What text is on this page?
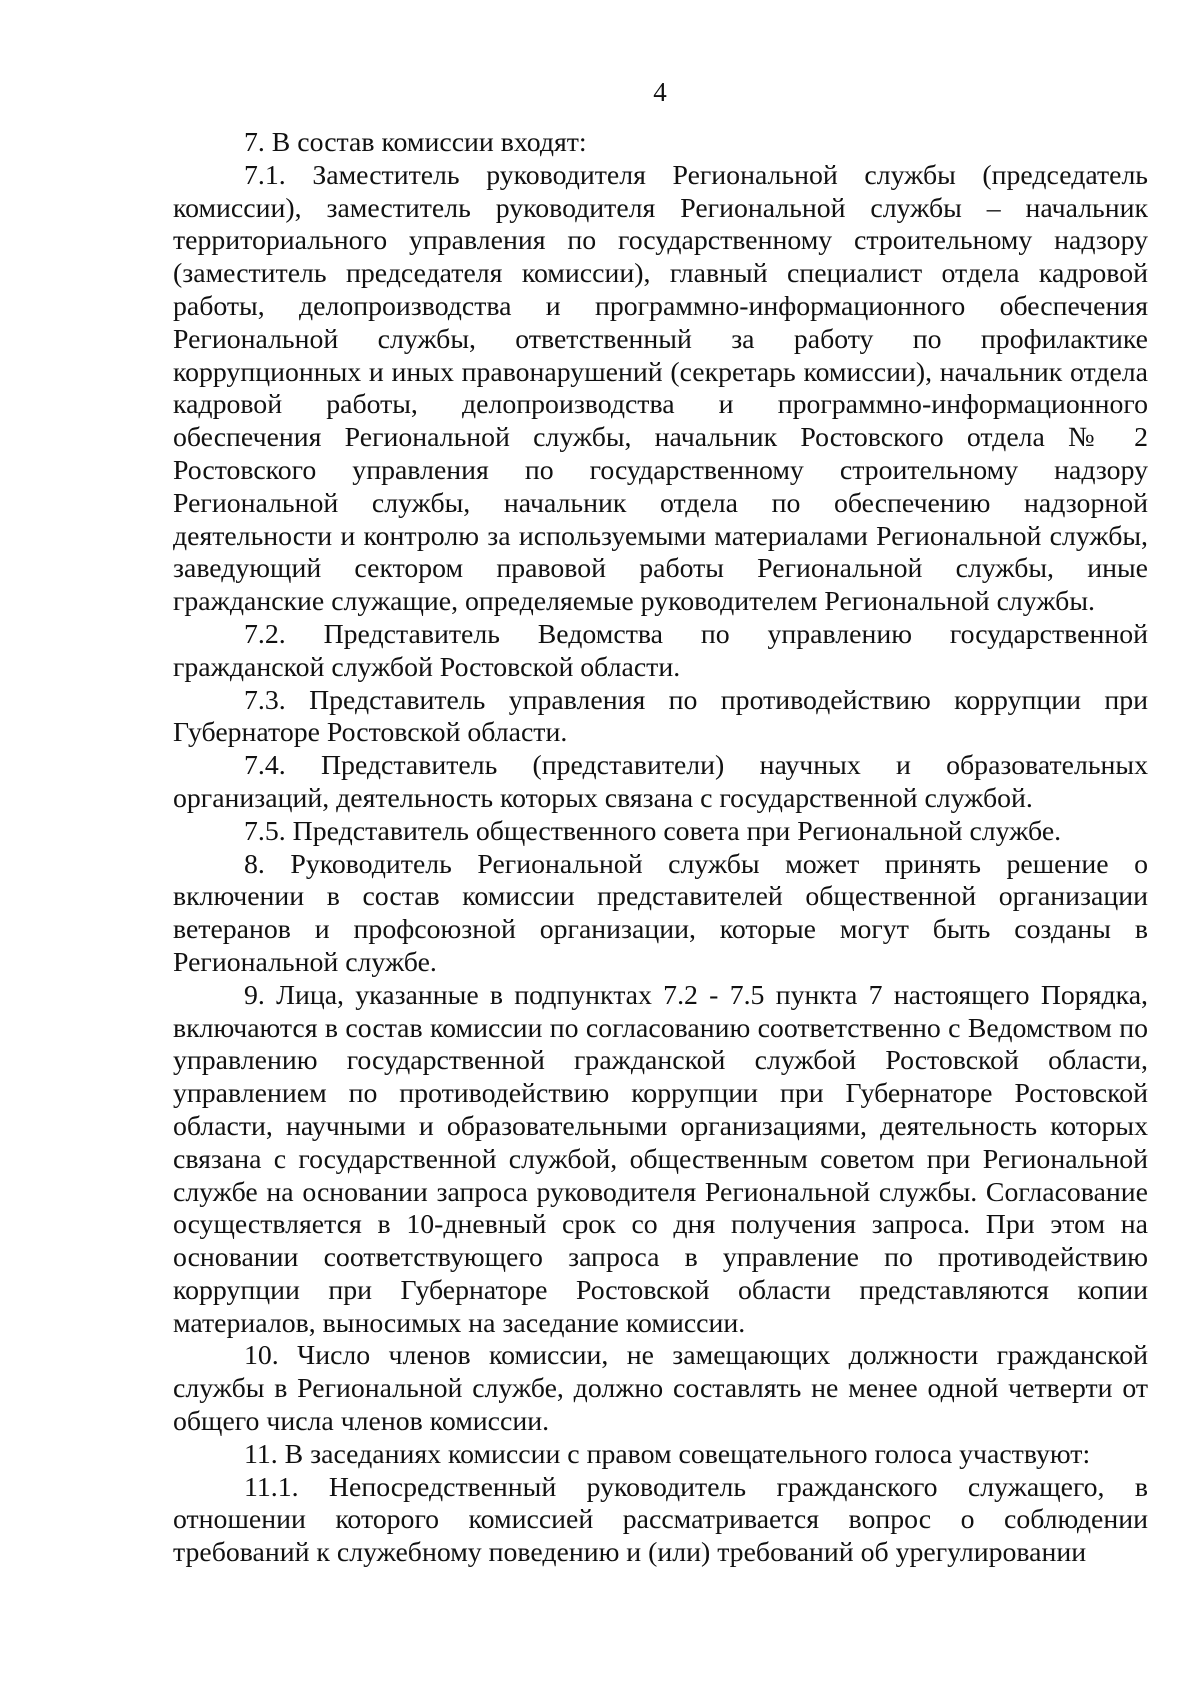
4

7. В состав комиссии входят:

7.1. Заместитель руководителя Региональной службы (председатель комиссии), заместитель руководителя Региональной службы – начальник территориального управления по государственному строительному надзору (заместитель председателя комиссии), главный специалист отдела кадровой работы, делопроизводства и программно-информационного обеспечения Региональной службы, ответственный за работу по профилактике коррупционных и иных правонарушений (секретарь комиссии), начальник отдела кадровой работы, делопроизводства и программно-информационного обеспечения Региональной службы, начальник Ростовского отдела № 2 Ростовского управления по государственному строительному надзору Региональной службы, начальник отдела по обеспечению надзорной деятельности и контролю за используемыми материалами Региональной службы, заведующий сектором правовой работы Региональной службы, иные гражданские служащие, определяемые руководителем Региональной службы.

7.2. Представитель Ведомства по управлению государственной гражданской службой Ростовской области.

7.3. Представитель управления по противодействию коррупции при Губернаторе Ростовской области.

7.4. Представитель (представители) научных и образовательных организаций, деятельность которых связана с государственной службой.

7.5. Представитель общественного совета при Региональной службе.

8. Руководитель Региональной службы может принять решение о включении в состав комиссии представителей общественной организации ветеранов и профсоюзной организации, которые могут быть созданы в Региональной службе.

9. Лица, указанные в подпунктах 7.2 - 7.5 пункта 7 настоящего Порядка, включаются в состав комиссии по согласованию соответственно с Ведомством по управлению государственной гражданской службой Ростовской области, управлением по противодействию коррупции при Губернаторе Ростовской области, научными и образовательными организациями, деятельность которых связана с государственной службой, общественным советом при Региональной службе на основании запроса руководителя Региональной службы. Согласование осуществляется в 10-дневный срок со дня получения запроса. При этом на основании соответствующего запроса в управление по противодействию коррупции при Губернаторе Ростовской области представляются копии материалов, выносимых на заседание комиссии.

10. Число членов комиссии, не замещающих должности гражданской службы в Региональной службе, должно составлять не менее одной четверти от общего числа членов комиссии.

11. В заседаниях комиссии с правом совещательного голоса участвуют:

11.1. Непосредственный руководитель гражданского служащего, в отношении которого комиссией рассматривается вопрос о соблюдении требований к служебному поведению и (или) требований об урегулировании
